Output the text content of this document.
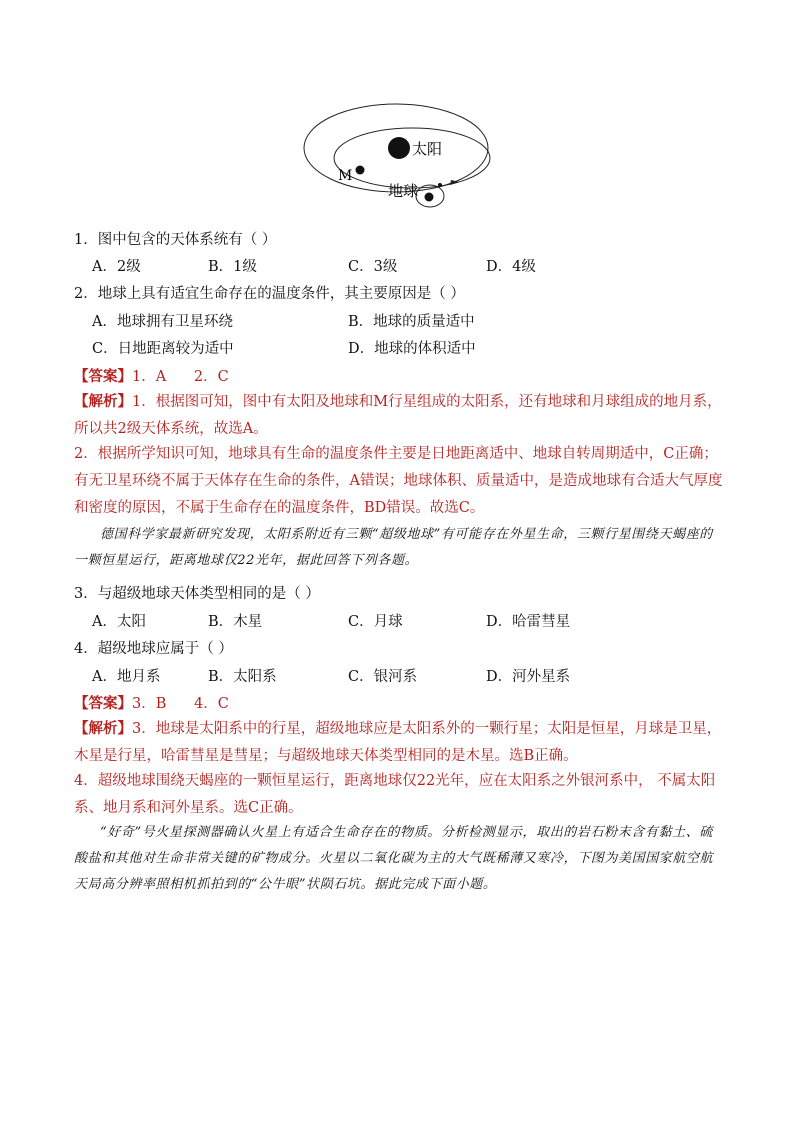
太阳
M
地球
1．图中包含的天体系统有（ ）
A．2级	B．1级	C．3级	D．4级
2．地球上具有适宜生命存在的温度条件，其主要原因是（ ）
A．地球拥有卫星环绕	B．地球的质量适中
C．日地距离较为适中	D．地球的体积适中
【答案】1．A      2．C
【解析】1．根据图可知，图中有太阳及地球和M行星组成的太阳系，还有地球和月球组成的地月系，所以共2级天体系统，故选A。
2．根据所学知识可知，地球具有生命的温度条件主要是日地距离适中、地球自转周期适中，C正确；有无卫星环绕不属于天体存在生命的条件，A错误；地球体积、质量适中，是造成地球有合适大气厚度和密度的原因，不属于生命存在的温度条件，BD错误。故选C。
德国科学家最新研究发现，太阳系附近有三颗“超级地球”有可能存在外星生命，三颗行星围绕天蝎座的一颗恒星运行，距离地球仅22光年，据此回答下列各题。
3．与超级地球天体类型相同的是（ ）
A．太阳	B．木星	C．月球	D．哈雷彗星
4．超级地球应属于（ ）
A．地月系	B．太阳系	C．银河系	D．河外星系
【答案】3．B      4．C
【解析】3．地球是太阳系中的行星，超级地球应是太阳系外的一颗行星；太阳是恒星，月球是卫星，木星是行星，哈雷彗星是彗星；与超级地球天体类型相同的是木星。选B正确。
4．超级地球围绕天蝎座的一颗恒星运行，距离地球仅22光年，应在太阳系之外银河系中， 不属太阳系、地月系和河外星系。选C正确。
“好奇”号火星探测器确认火星上有适合生命存在的物质。分析检测显示，取出的岩石粉末含有黏土、硫酸盐和其他对生命非常关键的矿物成分。火星以二氧化碳为主的大气既稀薄又寒冷，下图为美国国家航空航天局高分辨率照相机抓拍到的“公牛眼”状陨石坑。据此完成下面小题。
